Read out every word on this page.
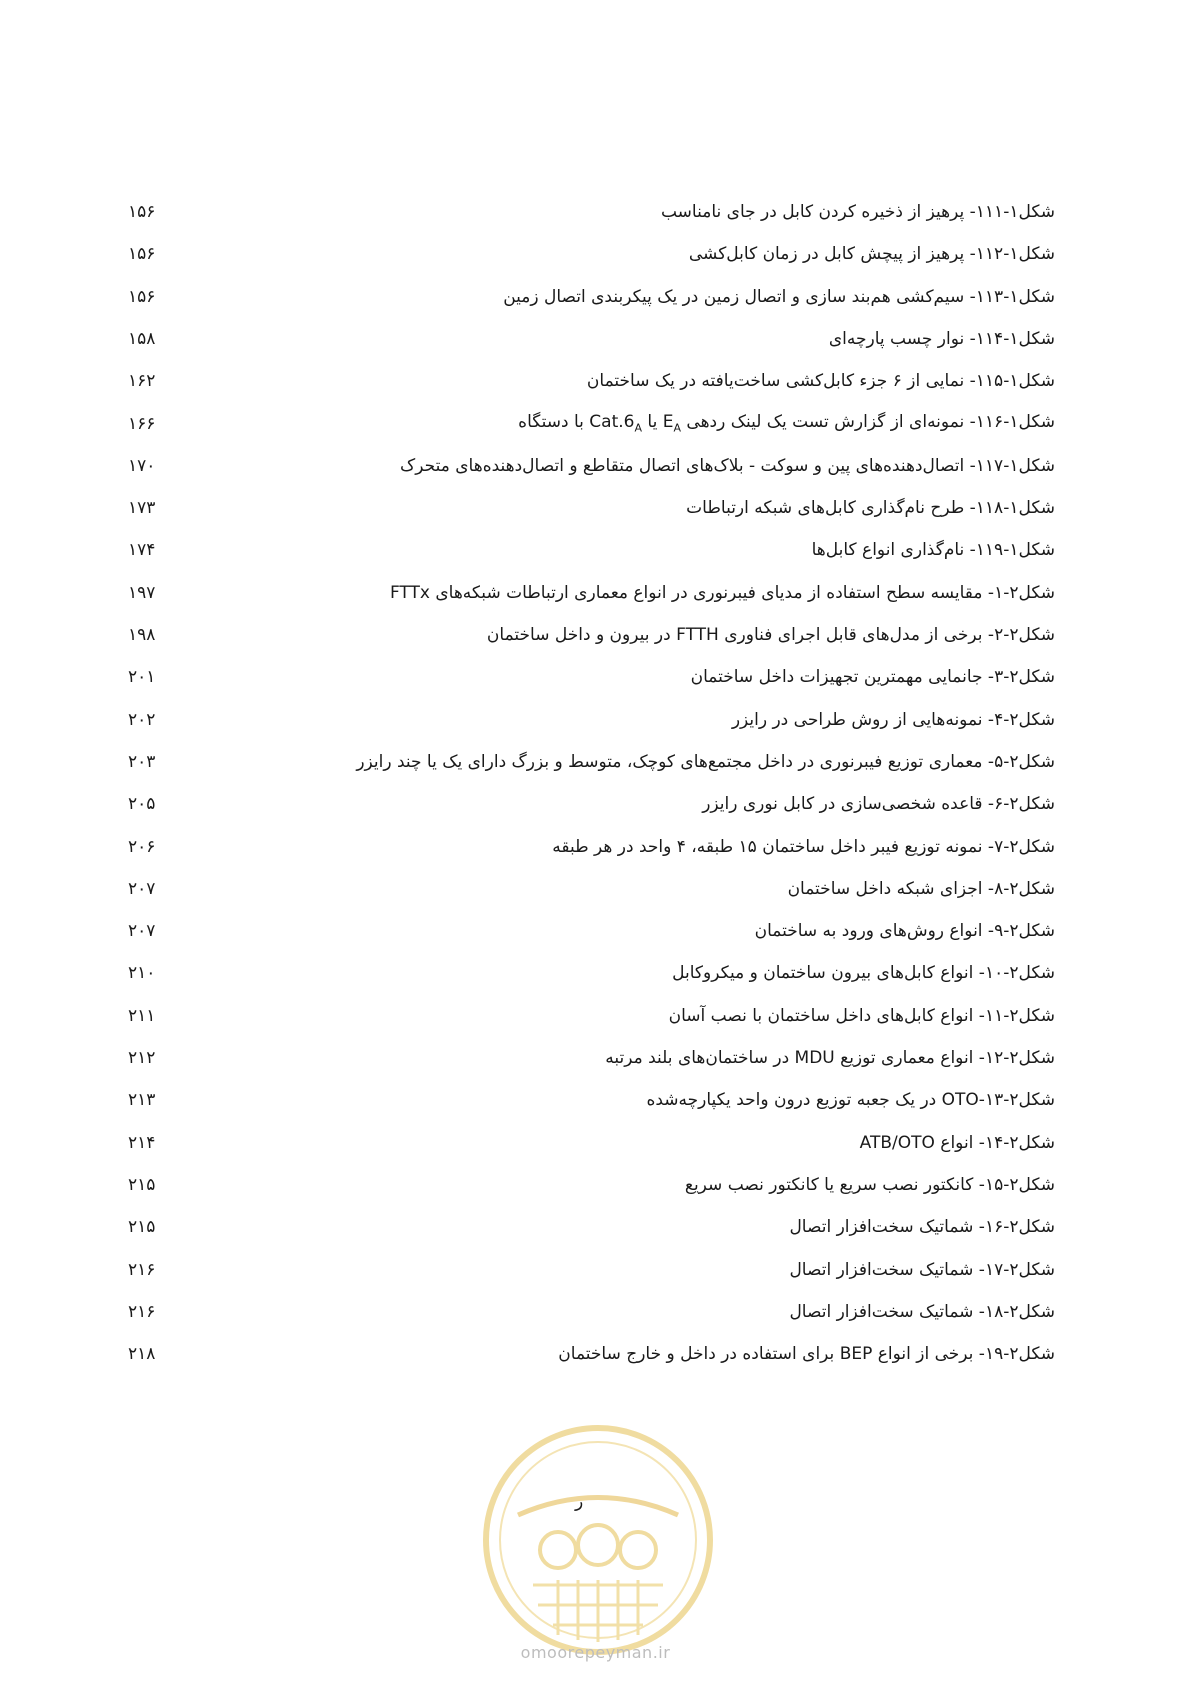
شکل۱-۱۱۱- پرهیز از ذخیره کردن کابل در جای نامناسب
۱۵۶
شکل۱-۱۱۲- پرهیز از پیچش کابل در زمان کابل‌کشی
۱۵۶
شکل۱-۱۱۳- سیم‌کشی هم‌بند سازی و اتصال زمین در یک پیکربندی اتصال زمین
۱۵۶
شکل۱-۱۱۴- نوار چسب پارچه‌ای
۱۵۸
شکل۱-۱۱۵- نمایی از ۶ جزء کابل‌کشی ساخت‌یافته در یک ساختمان
۱۶۲
شکل۱-۱۱۷- اتصال‌دهنده‌های پین و سوکت - بلاک‌های اتصال متقاطع و اتصال‌دهنده‌های متحرک
۱۷۰
شکل۱-۱۱۸- طرح نام‌گذاری کابل‌های شبکه ارتباطات
۱۷۳
شکل۱-۱۱۹- نام‌گذاری انواع کابل‌ها
۱۷۴
شکل۲-۱- مقایسه سطح استفاده از مدیای فیبرنوری در انواع معماری ارتباطات شبکه‌های FTTx
۱۹۷
شکل۲-۲- برخی از مدل‌های قابل اجرای فناوری FTTH در بیرون و داخل ساختمان
۱۹۸
شکل۲-۳- جانمایی مهمترین تجهیزات داخل ساختمان
۲۰۱
شکل۲-۴- نمونه‌هایی از روش طراحی در رایزر
۲۰۲
شکل۲-۵- معماری توزیع فیبرنوری در داخل مجتمع‌های کوچک، متوسط و بزرگ دارای یک یا چند رایزر
۲۰۳
شکل۲-۶- قاعده شخصی‌سازی در کابل نوری رایزر
۲۰۵
شکل۲-۷- نمونه توزیع فیبر داخل ساختمان ۱۵ طبقه، ۴ واحد در هر طبقه
۲۰۶
شکل۲-۸- اجزای شبکه داخل ساختمان
۲۰۷
شکل۲-۹- انواع روش‌های ورود به ساختمان
۲۰۷
شکل۲-۱۰- انواع کابل‌های بیرون ساختمان و میکروکابل
۲۱۰
شکل۲-۱۱- انواع کابل‌های داخل ساختمان با نصب آسان
۲۱۱
شکل۲-۱۲- انواع معماری توزیع MDU در ساختمان‌های بلند مرتبه
۲۱۲
شکل۲-۱۳-OTO در یک جعبه توزیع درون واحد یکپارچه‌شده
۲۱۳
شکل۲-۱۴- انواع ATB/OTO
۲۱۴
شکل۲-۱۵- کانکتور نصب سریع یا کانکتور نصب سریع
۲۱۵
شکل۲-۱۶- شماتیک سخت‌افزار اتصال
۲۱۵
شکل۲-۱۷- شماتیک سخت‌افزار اتصال
۲۱۶
شکل۲-۱۸- شماتیک سخت‌افزار اتصال
۲۱۶
شکل۲-۱۹- برخی از انواع BEP برای استفاده در داخل و خارج ساختمان
۲۱۸
۱۶۶	شکل۱-۱۱۶- نمونه‌ای از گزارش تست یک لینک ردهی $E_A$ یا $Cat.6_A$ با دستگاه
ر
omoorepeyman.ir
